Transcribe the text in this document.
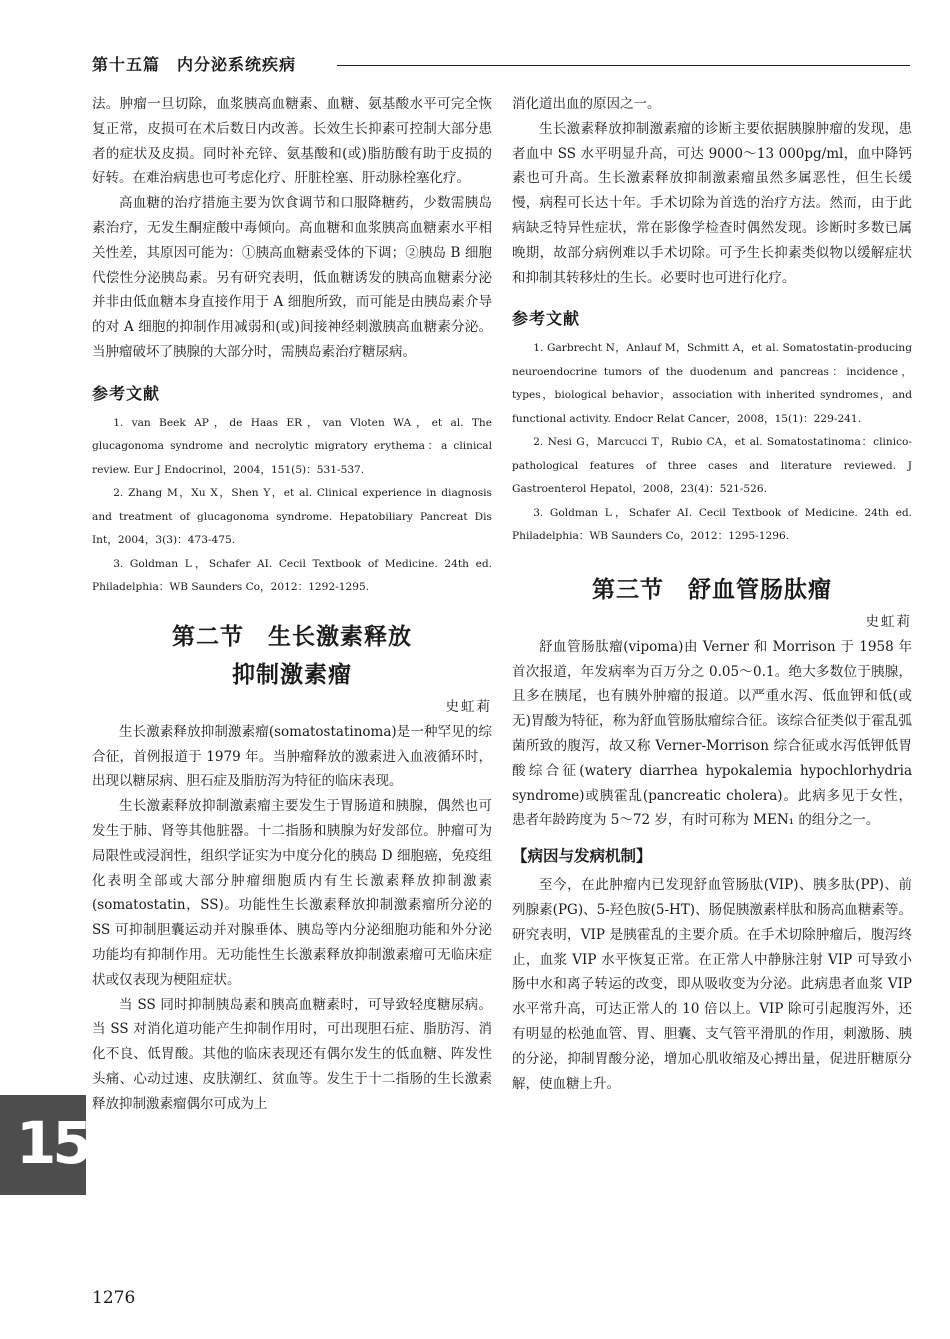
第十五篇　内分泌系统疾病

法。肿瘤一旦切除，血浆胰高血糖素、血糖、氨基酸水平可完全恢复正常，皮损可在术后数日内改善。长效生长抑素可控制大部分患者的症状及皮损。同时补充锌、氨基酸和(或)脂肪酸有助于皮损的好转。在难治病患也可考虑化疗、肝脏栓塞、肝动脉栓塞化疗。

高血糖的治疗措施主要为饮食调节和口服降糖药，少数需胰岛素治疗，无发生酮症酸中毒倾向。高血糖和血浆胰高血糖素水平相关性差，其原因可能为：①胰高血糖素受体的下调；②胰岛 B 细胞代偿性分泌胰岛素。另有研究表明，低血糖诱发的胰高血糖素分泌并非由低血糖本身直接作用于 A 细胞所致，而可能是由胰岛素介导的对 A 细胞的抑制作用减弱和(或)间接神经刺激胰高血糖素分泌。当肿瘤破坏了胰腺的大部分时，需胰岛素治疗糖尿病。

参考文献

1. van Beek AP，de Haas ER，van Vloten WA，et al. The glucagonoma syndrome and necrolytic migratory erythema：a clinical review. Eur J Endocrinol，2004，151(5)：531-537.

2. Zhang M，Xu X，Shen Y，et al. Clinical experience in diagnosis and treatment of glucagonoma syndrome. Hepatobiliary Pancreat Dis Int，2004，3(3)：473-475.

3. Goldman L，Schafer AI. Cecil Textbook of Medicine. 24th ed. Philadelphia：WB Saunders Co，2012：1292-1295.

第二节　生长激素释放
抑制激素瘤
史虹莉

生长激素释放抑制激素瘤(somatostatinoma)是一种罕见的综合征，首例报道于 1979 年。当肿瘤释放的激素进入血液循环时，出现以糖尿病、胆石症及脂肪泻为特征的临床表现。

生长激素释放抑制激素瘤主要发生于胃肠道和胰腺，偶然也可发生于肺、肾等其他脏器。十二指肠和胰腺为好发部位。肿瘤可为局限性或浸润性，组织学证实为中度分化的胰岛 D 细胞癌，免疫组化表明全部或大部分肿瘤细胞质内有生长激素释放抑制激素(somatostatin，SS)。功能性生长激素释放抑制激素瘤所分泌的 SS 可抑制胆囊运动并对腺垂体、胰岛等内分泌细胞功能和外分泌功能均有抑制作用。无功能性生长激素释放抑制激素瘤可无临床症状或仅表现为梗阻症状。

当 SS 同时抑制胰岛素和胰高血糖素时，可导致轻度糖尿病。当 SS 对消化道功能产生抑制作用时，可出现胆石症、脂肪泻、消化不良、低胃酸。其他的临床表现还有偶尔发生的低血糖、阵发性头痛、心动过速、皮肤潮红、贫血等。发生于十二指肠的生长激素释放抑制激素瘤偶尔可成为上

消化道出血的原因之一。

生长激素释放抑制激素瘤的诊断主要依据胰腺肿瘤的发现，患者血中 SS 水平明显升高，可达 9000～13 000pg/ml，血中降钙素也可升高。生长激素释放抑制激素瘤虽然多属恶性，但生长缓慢，病程可长达十年。手术切除为首选的治疗方法。然而，由于此病缺乏特异性症状，常在影像学检查时偶然发现。诊断时多数已属晚期，故部分病例难以手术切除。可予生长抑素类似物以缓解症状和抑制其转移灶的生长。必要时也可进行化疗。

参考文献

1. Garbrecht N，Anlauf M，Schmitt A，et al. Somatostatin-producing neuroendocrine tumors of the duodenum and pancreas：incidence，types，biological behavior，association with inherited syndromes，and functional activity. Endocr Relat Cancer，2008，15(1)：229-241.

2. Nesi G，Marcucci T，Rubio CA，et al. Somatostatinoma：clinico-pathological features of three cases and literature reviewed. J Gastroenterol Hepatol，2008，23(4)：521-526.

3. Goldman L，Schafer AI. Cecil Textbook of Medicine. 24th ed. Philadelphia：WB Saunders Co，2012：1295-1296.

第三节　舒血管肠肽瘤
史虹莉

舒血管肠肽瘤(vipoma)由 Verner 和 Morrison 于 1958 年首次报道，年发病率为百万分之 0.05～0.1。绝大多数位于胰腺，且多在胰尾，也有胰外肿瘤的报道。以严重水泻、低血钾和低(或无)胃酸为特征，称为舒血管肠肽瘤综合征。该综合征类似于霍乱弧菌所致的腹泻，故又称 Verner-Morrison 综合征或水泻低钾低胃酸综合征(watery diarrhea hypokalemia hypochlorhydria syndrome)或胰霍乱(pancreatic cholera)。此病多见于女性，患者年龄跨度为 5～72 岁，有时可称为 MEN₁ 的组分之一。

【病因与发病机制】

至今，在此肿瘤内已发现舒血管肠肽(VIP)、胰多肽(PP)、前列腺素(PG)、5-羟色胺(5-HT)、肠促胰激素样肽和肠高血糖素等。研究表明，VIP 是胰霍乱的主要介质。在手术切除肿瘤后，腹泻终止，血浆 VIP 水平恢复正常。在正常人中静脉注射 VIP 可导致小肠中水和离子转运的改变，即从吸收变为分泌。此病患者血浆 VIP 水平常升高，可达正常人的 10 倍以上。VIP 除可引起腹泻外，还有明显的松弛血管、胃、胆囊、支气管平滑肌的作用，刺激肠、胰的分泌，抑制胃酸分泌，增加心肌收缩及心搏出量，促进肝糖原分解，使血糖上升。

15
1276
